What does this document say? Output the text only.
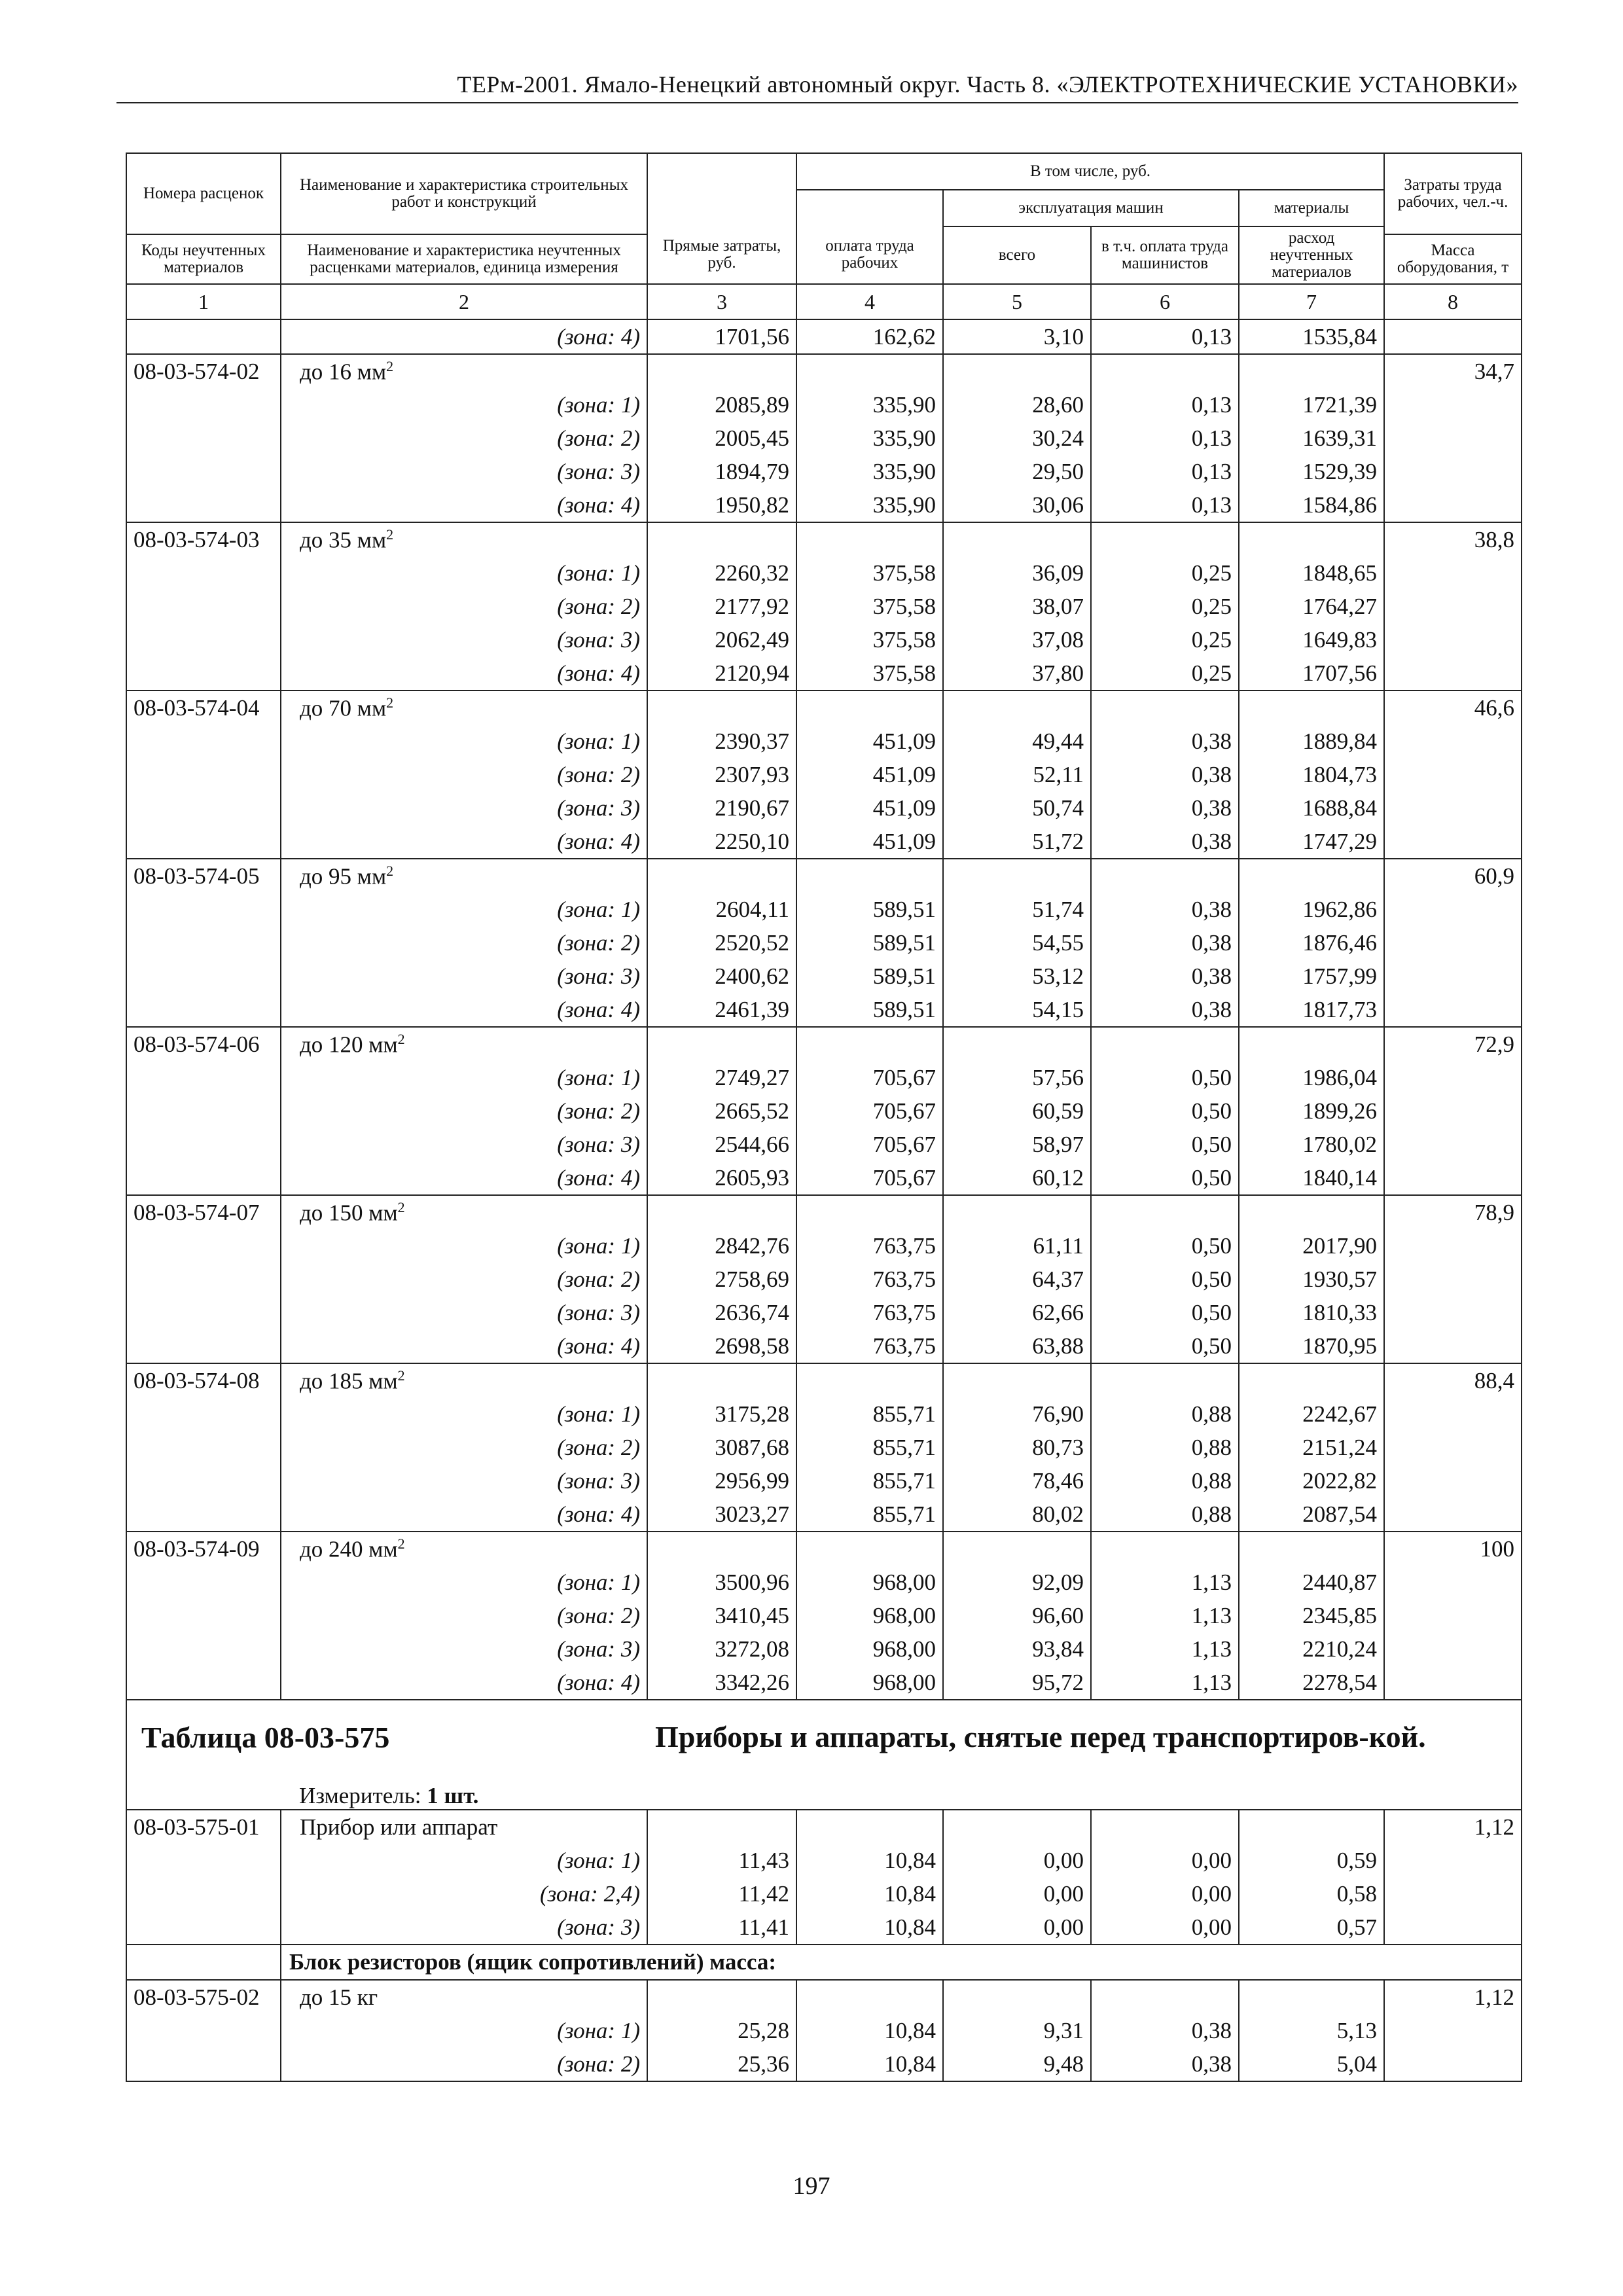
ТЕРм-2001. Ямало-Ненецкий автономный округ. Часть 8. «ЭЛЕКТРОТЕХНИЧЕСКИЕ УСТАНОВКИ»
Номера расценок	Наименование и характеристика строительных работ и конструкций	Прямые затраты, руб.	В том числе, руб.				Затраты труда рабочих, чел.-ч.
			оплата труда рабочих	эксплуатация машин		материалы	
				всего	в т.ч. оплата труда машинистов	расход неучтенных материалов	
Коды неучтенных материалов	Наименование и характеристика неучтенных расценками материалов, единица измерения						Масса оборудования, т
1	2	3	4	5	6	7	8
	(зона: 4)	1701,56	162,62	3,10	0,13	1535,84	
08-03-574-02	до 16 $мм^2$						34,7
	(зона: 1)	2085,89	335,90	28,60	0,13	1721,39	
	(зона: 2)	2005,45	335,90	30,24	0,13	1639,31	
	(зона: 3)	1894,79	335,90	29,50	0,13	1529,39	
	(зона: 4)	1950,82	335,90	30,06	0,13	1584,86	
08-03-574-03	до 35 $мм^2$						38,8
	(зона: 1)	2260,32	375,58	36,09	0,25	1848,65	
	(зона: 2)	2177,92	375,58	38,07	0,25	1764,27	
	(зона: 3)	2062,49	375,58	37,08	0,25	1649,83	
	(зона: 4)	2120,94	375,58	37,80	0,25	1707,56	
08-03-574-04	до 70 $мм^2$						46,6
	(зона: 1)	2390,37	451,09	49,44	0,38	1889,84	
	(зона: 2)	2307,93	451,09	52,11	0,38	1804,73	
	(зона: 3)	2190,67	451,09	50,74	0,38	1688,84	
	(зона: 4)	2250,10	451,09	51,72	0,38	1747,29	
08-03-574-05	до 95 $мм^2$						60,9
	(зона: 1)	2604,11	589,51	51,74	0,38	1962,86	
	(зона: 2)	2520,52	589,51	54,55	0,38	1876,46	
	(зона: 3)	2400,62	589,51	53,12	0,38	1757,99	
	(зона: 4)	2461,39	589,51	54,15	0,38	1817,73	
08-03-574-06	до 120 $мм^2$						72,9
	(зона: 1)	2749,27	705,67	57,56	0,50	1986,04	
	(зона: 2)	2665,52	705,67	60,59	0,50	1899,26	
	(зона: 3)	2544,66	705,67	58,97	0,50	1780,02	
	(зона: 4)	2605,93	705,67	60,12	0,50	1840,14	
08-03-574-07	до 150 $мм^2$						78,9
	(зона: 1)	2842,76	763,75	61,11	0,50	2017,90	
	(зона: 2)	2758,69	763,75	64,37	0,50	1930,57	
	(зона: 3)	2636,74	763,75	62,66	0,50	1810,33	
	(зона: 4)	2698,58	763,75	63,88	0,50	1870,95	
08-03-574-08	до 185 $мм^2$						88,4
	(зона: 1)	3175,28	855,71	76,90	0,88	2242,67	
	(зона: 2)	3087,68	855,71	80,73	0,88	2151,24	
	(зона: 3)	2956,99	855,71	78,46	0,88	2022,82	
	(зона: 4)	3023,27	855,71	80,02	0,88	2087,54	
08-03-574-09	до 240 $мм^2$						100
	(зона: 1)	3500,96	968,00	92,09	1,13	2440,87	
	(зона: 2)	3410,45	968,00	96,60	1,13	2345,85	
	(зона: 3)	3272,08	968,00	93,84	1,13	2210,24	
	(зона: 4)	3342,26	968,00	95,72	1,13	2278,54	
Таблица 08-03-575		Приборы и аппараты, снятые перед транспортиров-кой.					
	Измеритель: 1 шт.						
08-03-575-01	Прибор или аппарат						1,12
	(зона: 1)	11,43	10,84	0,00	0,00	0,59	
	(зона: 2,4)	11,42	10,84	0,00	0,00	0,58	
	(зона: 3)	11,41	10,84	0,00	0,00	0,57	
	Блок резисторов (ящик сопротивлений) масса:						
08-03-575-02	до 15 кг						1,12
	(зона: 1)	25,28	10,84	9,31	0,38	5,13	
	(зона: 2)	25,36	10,84	9,48	0,38	5,04	
197
